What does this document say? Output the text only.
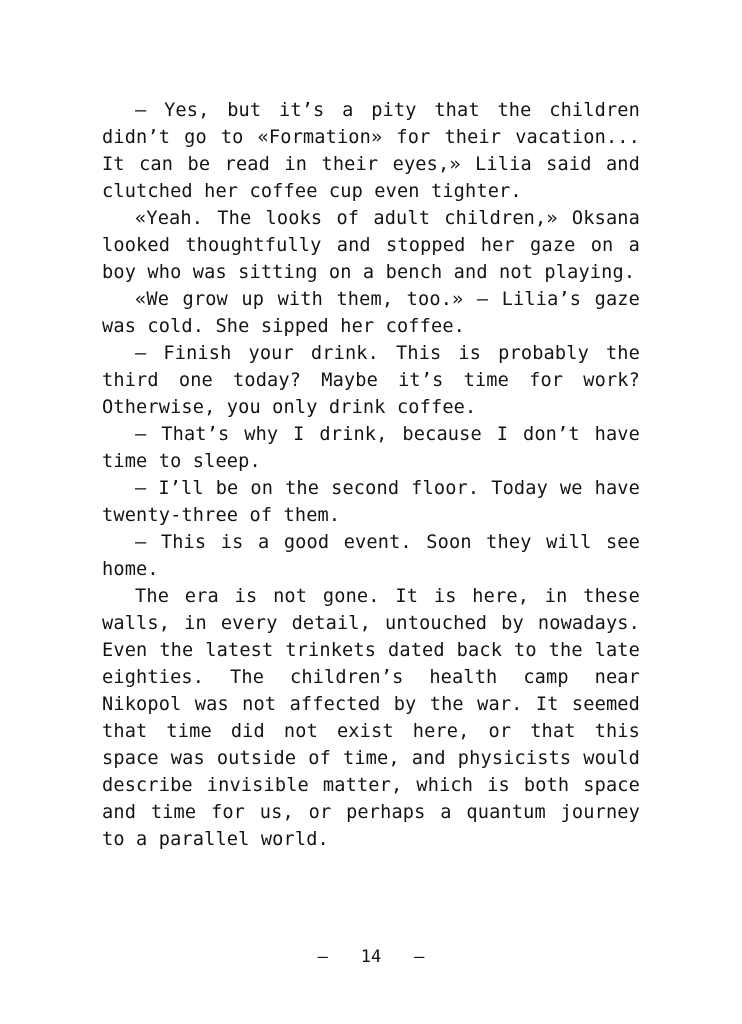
– Yes, but it’s a pity that the children didn’t go to «Formation» for their vacation... It can be read in their eyes,» Lilia said and clutched her coffee cup even tighter.

«Yeah. The looks of adult children,» Oksana looked thoughtfully and stopped her gaze on a boy who was sitting on a bench and not playing.

«We grow up with them, too.» – Lilia’s gaze was cold. She sipped her coffee.

– Finish your drink. This is probably the third one today? Maybe it’s time for work? Otherwise, you only drink coffee.

– That’s why I drink, because I don’t have time to sleep.

– I’ll be on the second floor. Today we have twenty-three of them.

– This is a good event. Soon they will see home.

The era is not gone. It is here, in these walls, in every detail, untouched by nowadays. Even the latest trinkets dated back to the late eighties. The children’s health camp near Nikopol was not affected by the war. It seemed that time did not exist here, or that this space was outside of time, and physicists would describe invisible matter, which is both space and time for us, or perhaps a quantum journey to a parallel world.

— 14 —
